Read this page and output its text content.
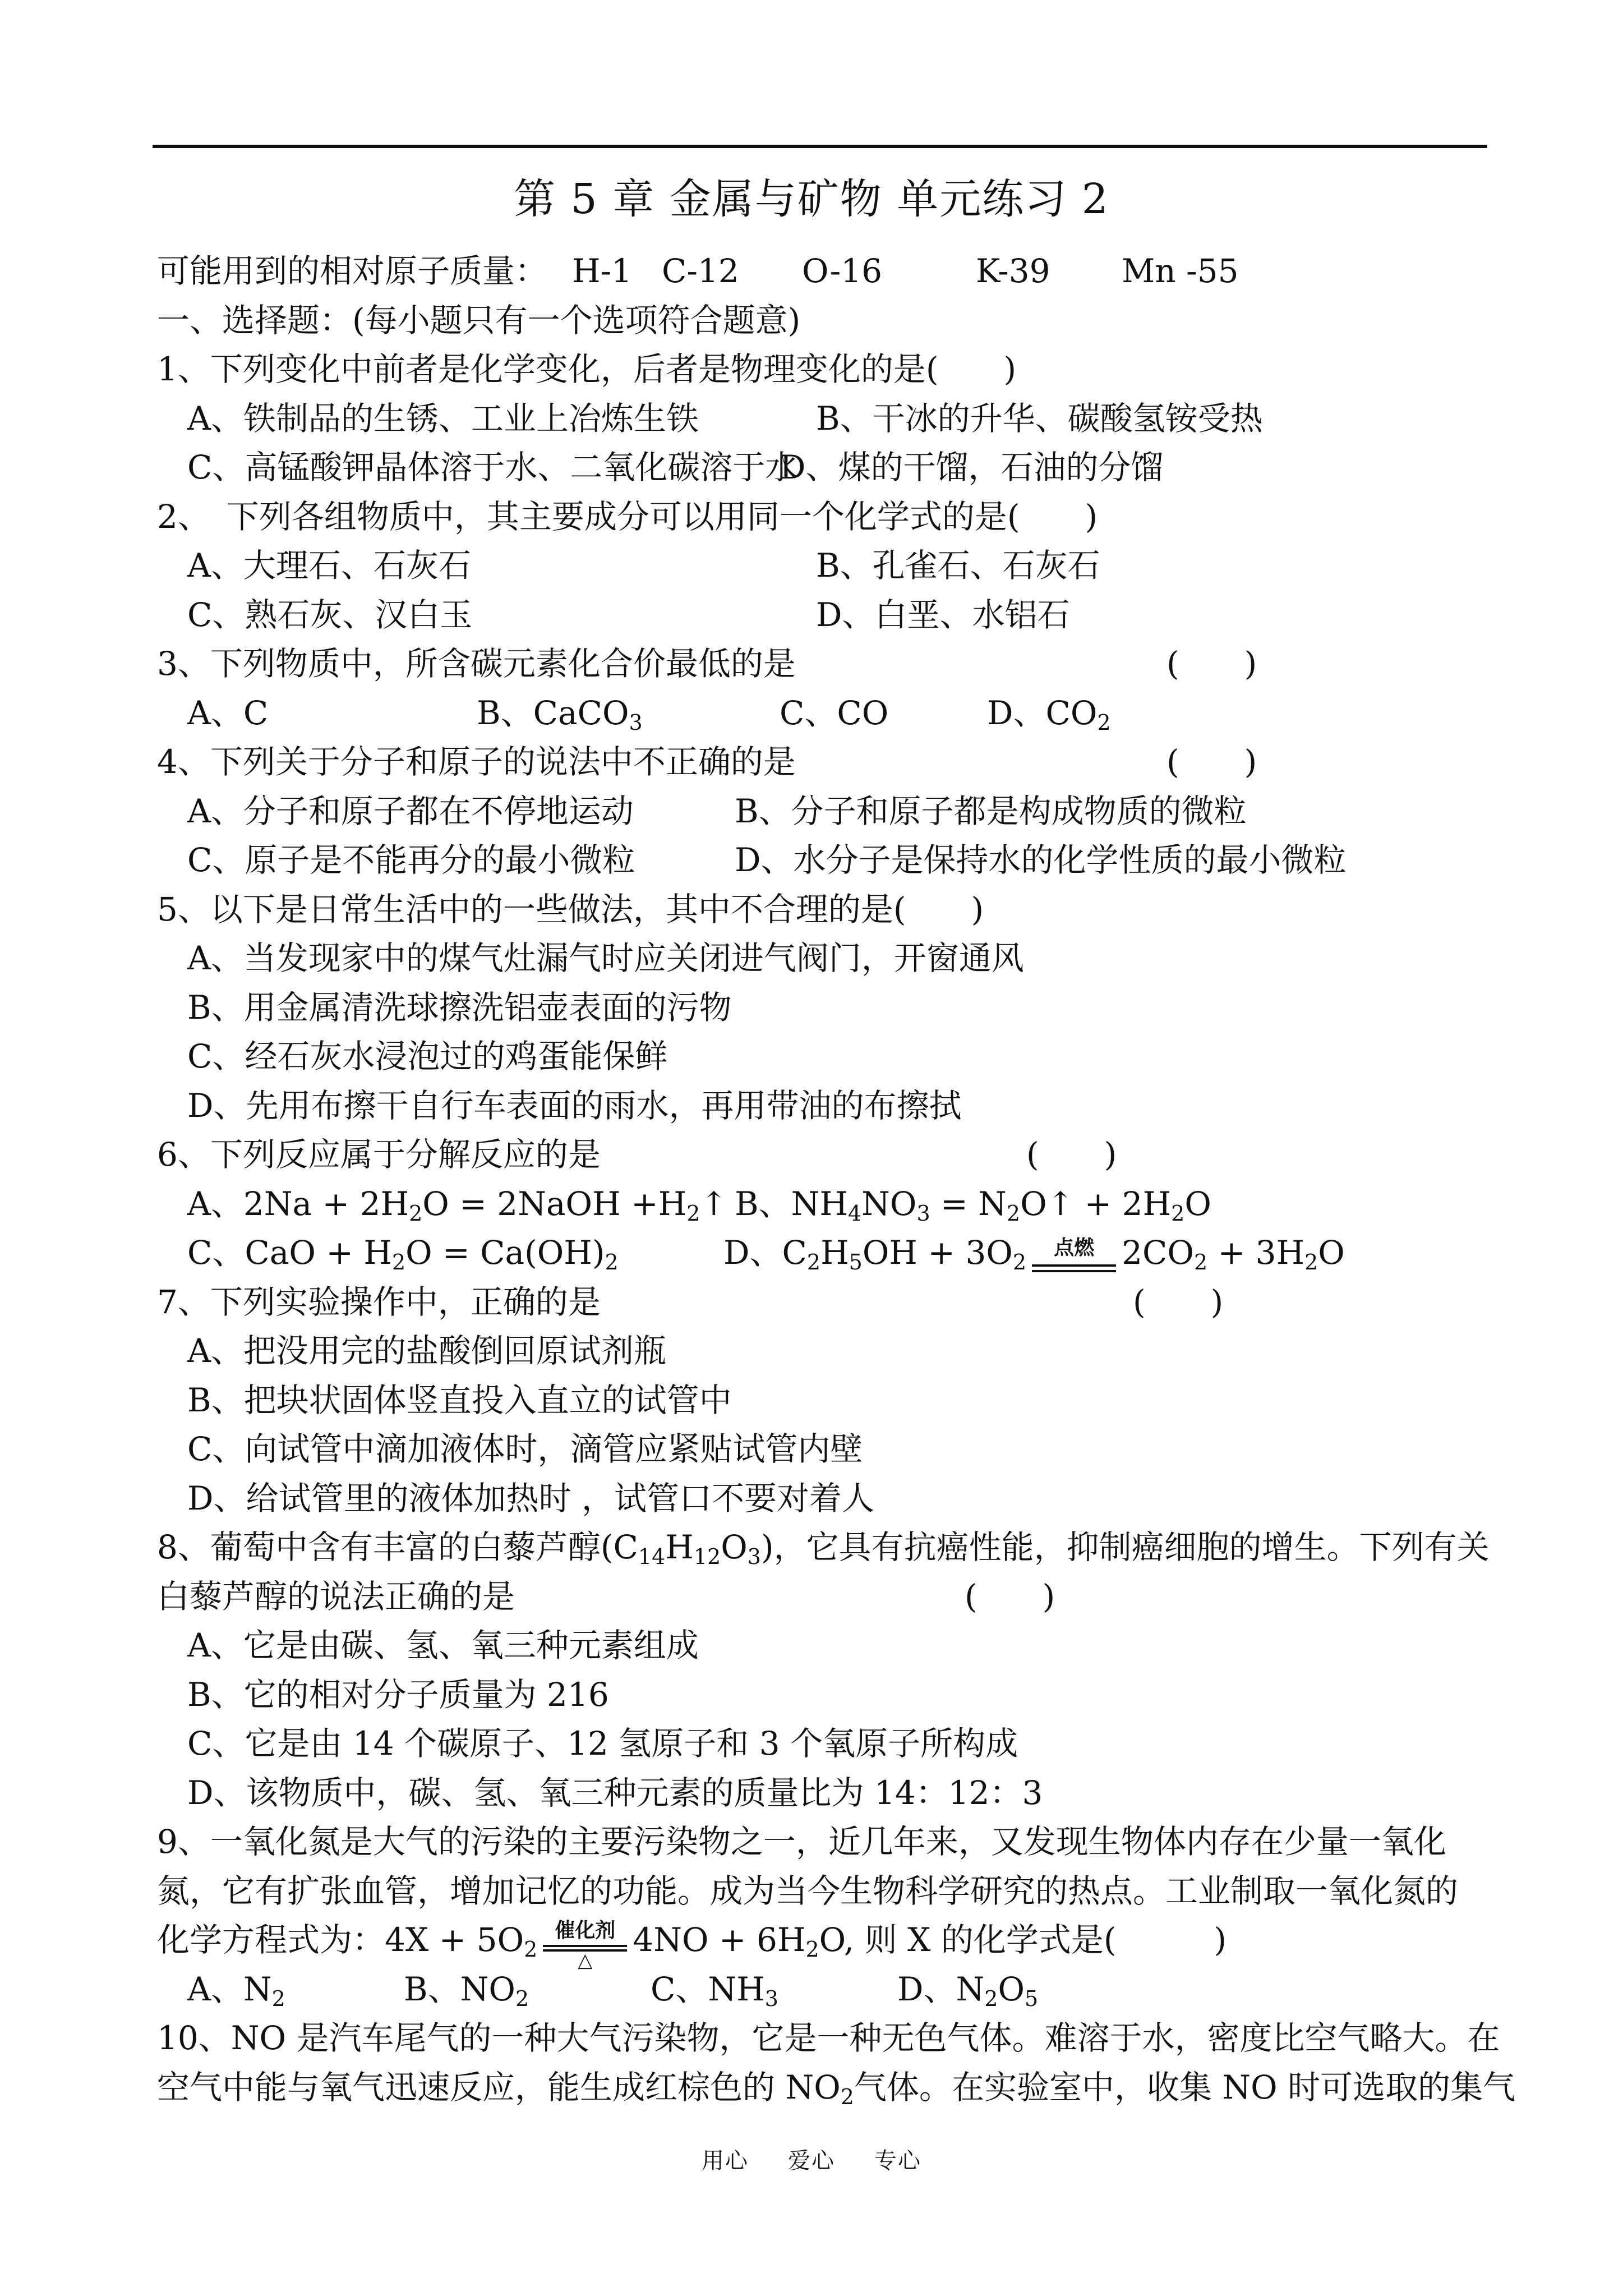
第 5 章 金属与矿物 单元练习 2
可能用到的相对原子质量： H-1 C-12 O-16	K-39 Mn -55
一、选择题：(每小题只有一个选项符合题意)
1、下列变化中前者是化学变化，后者是物理变化的是(　　)
A、铁制品的生锈、工业上冶炼生铁	B、干冰的升华、碳酸氢铵受热
C、高锰酸钾晶体溶于水、二氧化碳溶于水
D、煤的干馏，石油的分馏
2、　下列各组物质中，其主要成分可以用同一个化学式的是(　　)
A、大理石、石灰石	B、孔雀石、石灰石
C、熟石灰、汉白玉	D、白垩、水铝石
3、下列物质中，所含碳元素化合价最低的是	(　　)
A、C	B、CaCO$_3$	C、CO	D、$CO_2$
4、下列关于分子和原子的说法中不正确的是	(　　)
A、分子和原子都在不停地运动	B、分子和原子都是构成物质的微粒
C、原子是不能再分的最小微粒	D、水分子是保持水的化学性质的最小微粒
5、以下是日常生活中的一些做法，其中不合理的是(　　)
A、当发现家中的煤气灶漏气时应关闭进气阀门，开窗通风
B、用金属清洗球擦洗铝壶表面的污物
C、经石灰水浸泡过的鸡蛋能保鲜
D、先用布擦干自行车表面的雨水，再用带油的布擦拭
6、下列反应属于分解反应的是	(　　)
A、$2Na + 2H_2O$ = 2NaOH $+H_2↑$ B、$NH_4NO_3$ = $N_2O↑ + 2H_2O$
C、CaO + $H_2O = Ca(OH)_2$	D、$C_2H_5OH + 3O_2$
点燃 $2CO_2 + 3H_2O$
7、下列实验操作中，正确的是	(　　)
A、把没用完的盐酸倒回原试剂瓶
B、把块状固体竖直投入直立的试管中
C、向试管中滴加液体时，滴管应紧贴试管内壁
D、给试管里的液体加热时 ，试管口不要对着人
8、葡萄中含有丰富的白藜芦醇$(C_{14}H_{12}O_3)$，它具有抗癌性能，抑制癌细胞的增生。下列有关
白藜芦醇的说法正确的是	(　　)
A、它是由碳、氢、氧三种元素组成
B、它的相对分子质量为 216
C、它是由 14 个碳原子、12 氢原子和 3 个氧原子所构成
D、该物质中，碳、氢、氧三种元素的质量比为 14：12：3
9、一氧化氮是大气的污染的主要污染物之一，近几年来，又发现生物体内存在少量一氧化
氮，它有扩张血管，增加记忆的功能。成为当今生物科学研究的热点。工业制取一氧化氮的
化学方程式为：$4X + 5O_2$
催化剂
△
$4NO + 6H_2O$, 则 X 的化学式是(　　　)
A、$N_2$	B、$NO_2$	C、$NH_3$	D、$N_2O_5$
10、NO 是汽车尾气的一种大气污染物，它是一种无色气体。难溶于水，密度比空气略大。在
空气中能与氧气迅速反应，能生成红棕色的 $NO_2$气体。在实验室中，收集 NO 时可选取的集气
用心 爱心 专心
